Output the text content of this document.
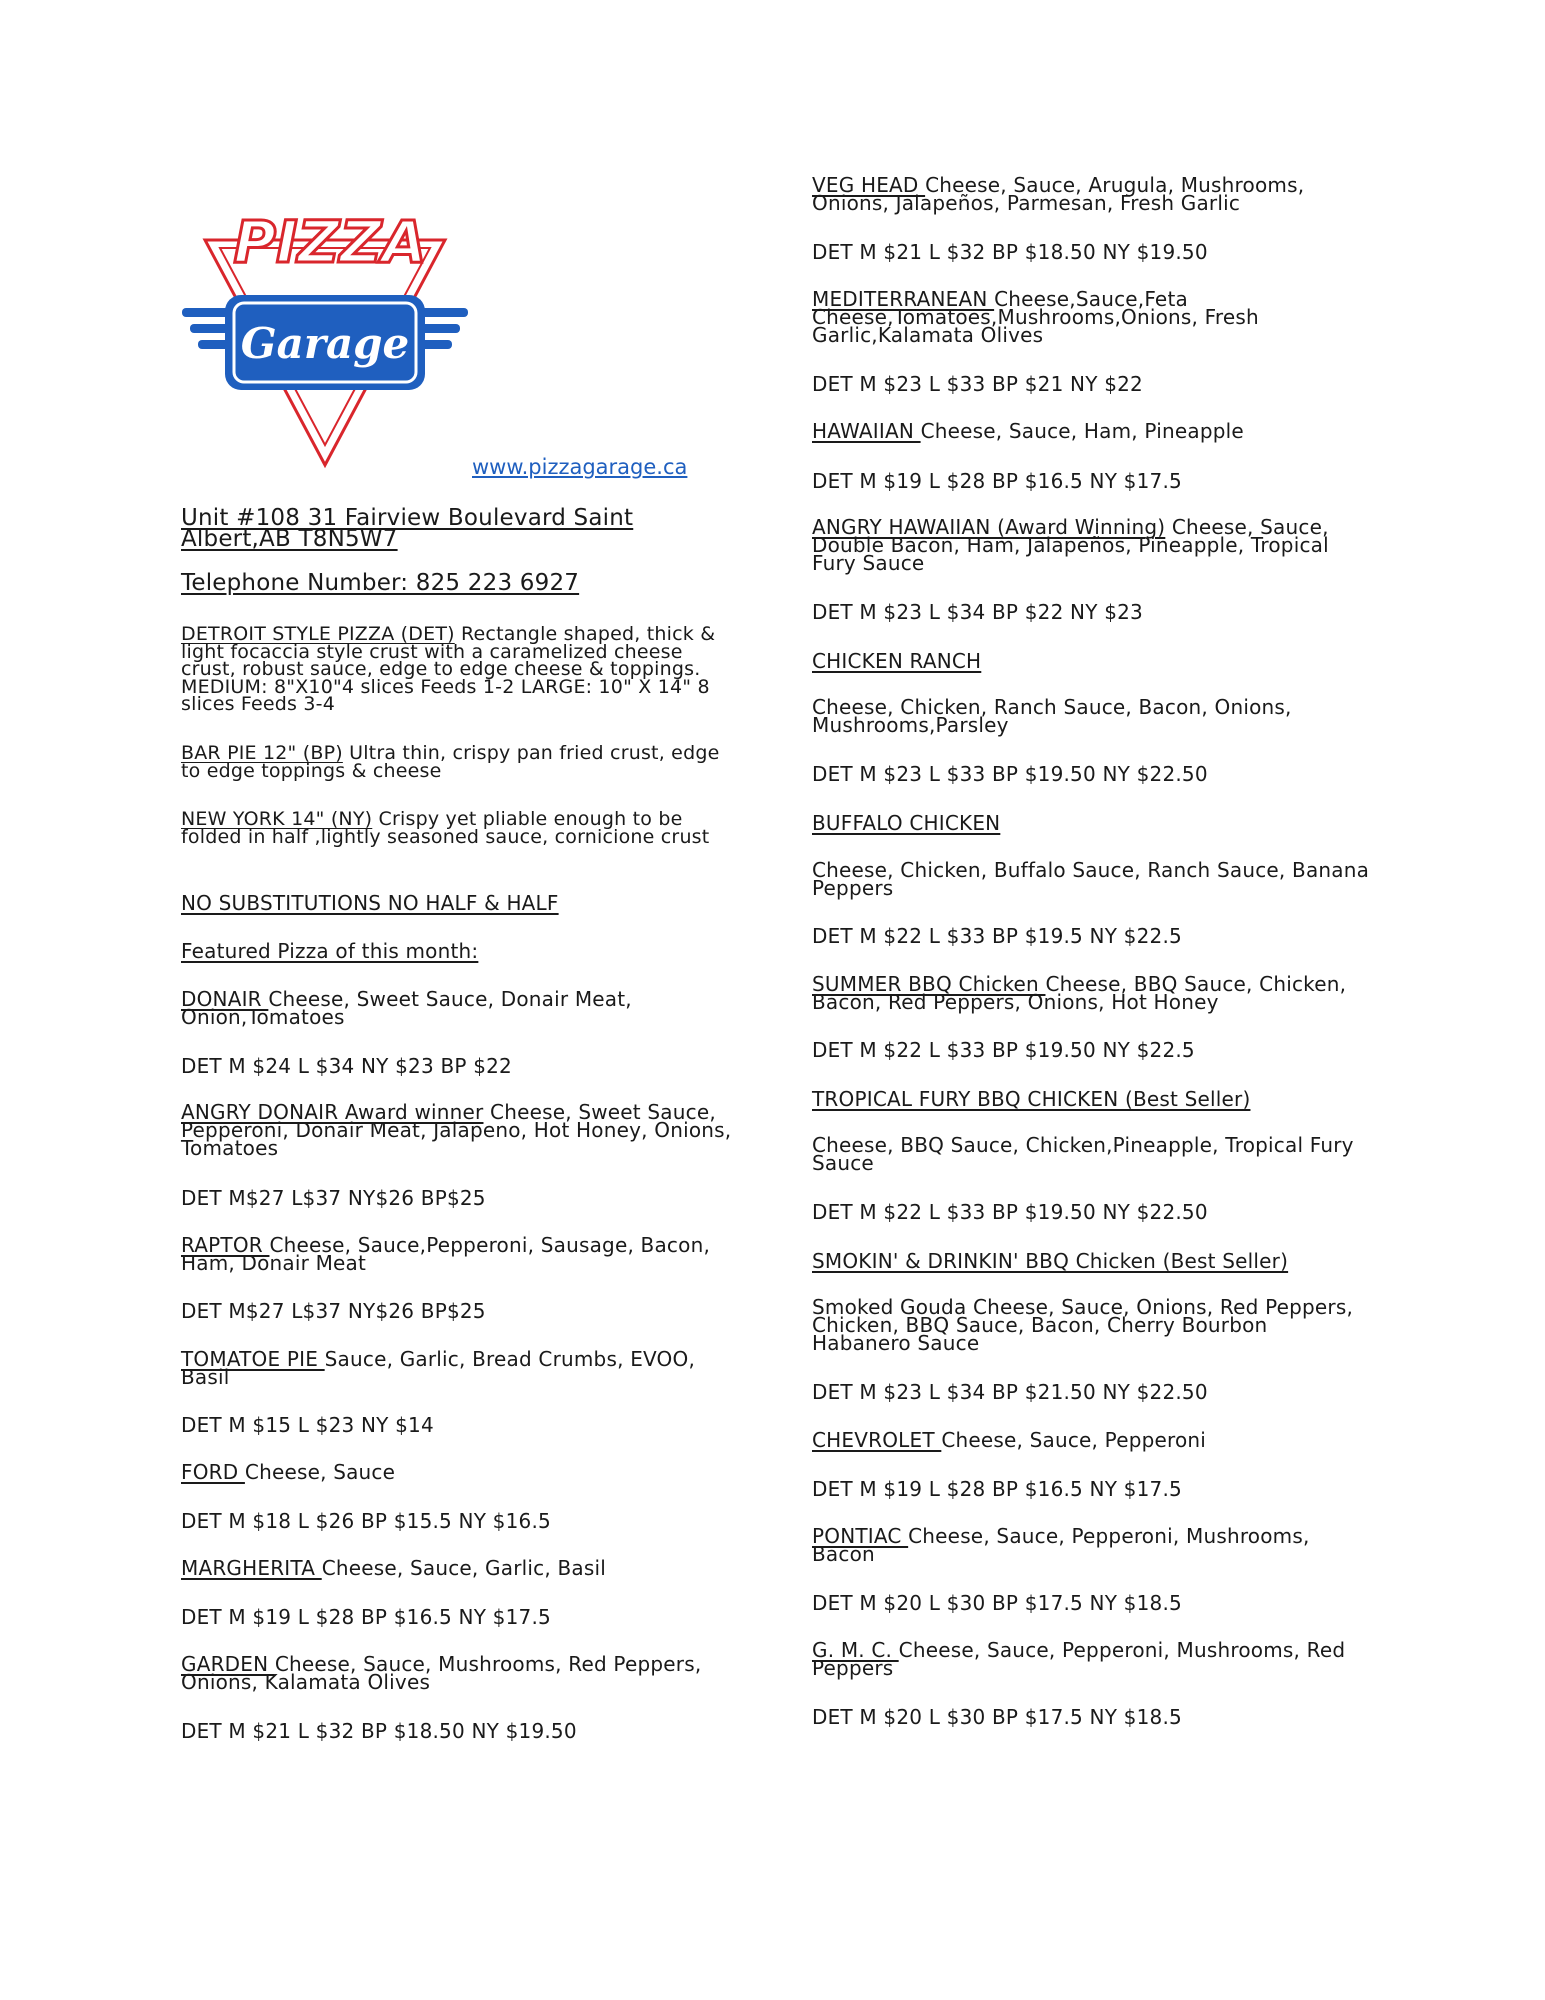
PIZZA
Garage
www.pizzagarage.ca
Unit #108 31 Fairview Boulevard Saint Albert,AB T8N5W7
Telephone Number: 825 223 6927
DETROIT STYLE PIZZA (DET) Rectangle shaped, thick & light focaccia style crust with a caramelized cheese crust, robust sauce, edge to edge cheese & toppings. MEDIUM: 8"X10"4 slices Feeds 1-2 LARGE: 10" X 14" 8 slices Feeds 3-4
BAR PIE 12" (BP) Ultra thin, crispy pan fried crust, edge to edge toppings & cheese
NEW YORK 14" (NY) Crispy yet pliable enough to be folded in half ,lightly seasoned sauce, cornicione crust
NO SUBSTITUTIONS NO HALF & HALF
Featured Pizza of this month:
DONAIR Cheese, Sweet Sauce, Donair Meat, Onion,Tomatoes
DET M $24 L $34 NY $23 BP $22
ANGRY DONAIR Award winner Cheese, Sweet Sauce, Pepperoni, Donair Meat, Jalapeno, Hot Honey, Onions, Tomatoes
DET M$27 L$37 NY$26 BP$25
RAPTOR Cheese, Sauce,Pepperoni, Sausage, Bacon, Ham, Donair Meat
DET M$27 L$37 NY$26 BP$25
TOMATOE PIE Sauce, Garlic, Bread Crumbs, EVOO, Basil
DET M $15 L $23 NY $14
FORD Cheese, Sauce
DET M $18 L $26 BP $15.5 NY $16.5
MARGHERITA Cheese, Sauce, Garlic, Basil
DET M $19 L $28 BP $16.5 NY $17.5
GARDEN Cheese, Sauce, Mushrooms, Red Peppers, Onions, Kalamata Olives
DET M $21 L $32 BP $18.50 NY $19.50
VEG HEAD Cheese, Sauce, Arugula, Mushrooms, Onions, Jalapeños, Parmesan, Fresh Garlic
DET M $21 L $32 BP $18.50 NY $19.50
MEDITERRANEAN Cheese,Sauce,Feta Cheese,Tomatoes,Mushrooms,Onions, Fresh Garlic,Kalamata Olives
DET M $23 L $33 BP $21 NY $22
HAWAIIAN Cheese, Sauce, Ham, Pineapple
DET M $19 L $28 BP $16.5 NY $17.5
ANGRY HAWAIIAN (Award Winning) Cheese, Sauce, Double Bacon, Ham, Jalapeños, Pineapple, Tropical Fury Sauce
DET M $23 L $34 BP $22 NY $23
CHICKEN RANCH
Cheese, Chicken, Ranch Sauce, Bacon, Onions, Mushrooms,Parsley
DET M $23 L $33 BP $19.50 NY $22.50
BUFFALO CHICKEN
Cheese, Chicken, Buffalo Sauce, Ranch Sauce, Banana Peppers
DET M $22 L $33 BP $19.5 NY $22.5
SUMMER BBQ Chicken Cheese, BBQ Sauce, Chicken, Bacon, Red Peppers, Onions, Hot Honey
DET M $22 L $33 BP $19.50 NY $22.5
TROPICAL FURY BBQ CHICKEN (Best Seller)
Cheese, BBQ Sauce, Chicken,Pineapple, Tropical Fury Sauce
DET M $22 L $33 BP $19.50 NY $22.50
SMOKIN' & DRINKIN' BBQ Chicken (Best Seller)
Smoked Gouda Cheese, Sauce, Onions, Red Peppers, Chicken, BBQ Sauce, Bacon, Cherry Bourbon Habanero Sauce
DET M $23 L $34 BP $21.50 NY $22.50
CHEVROLET Cheese, Sauce, Pepperoni
DET M $19 L $28 BP $16.5 NY $17.5
PONTIAC Cheese, Sauce, Pepperoni, Mushrooms, Bacon
DET M $20 L $30 BP $17.5 NY $18.5
G. M. C. Cheese, Sauce, Pepperoni, Mushrooms, Red Peppers
DET M $20 L $30 BP $17.5 NY $18.5
